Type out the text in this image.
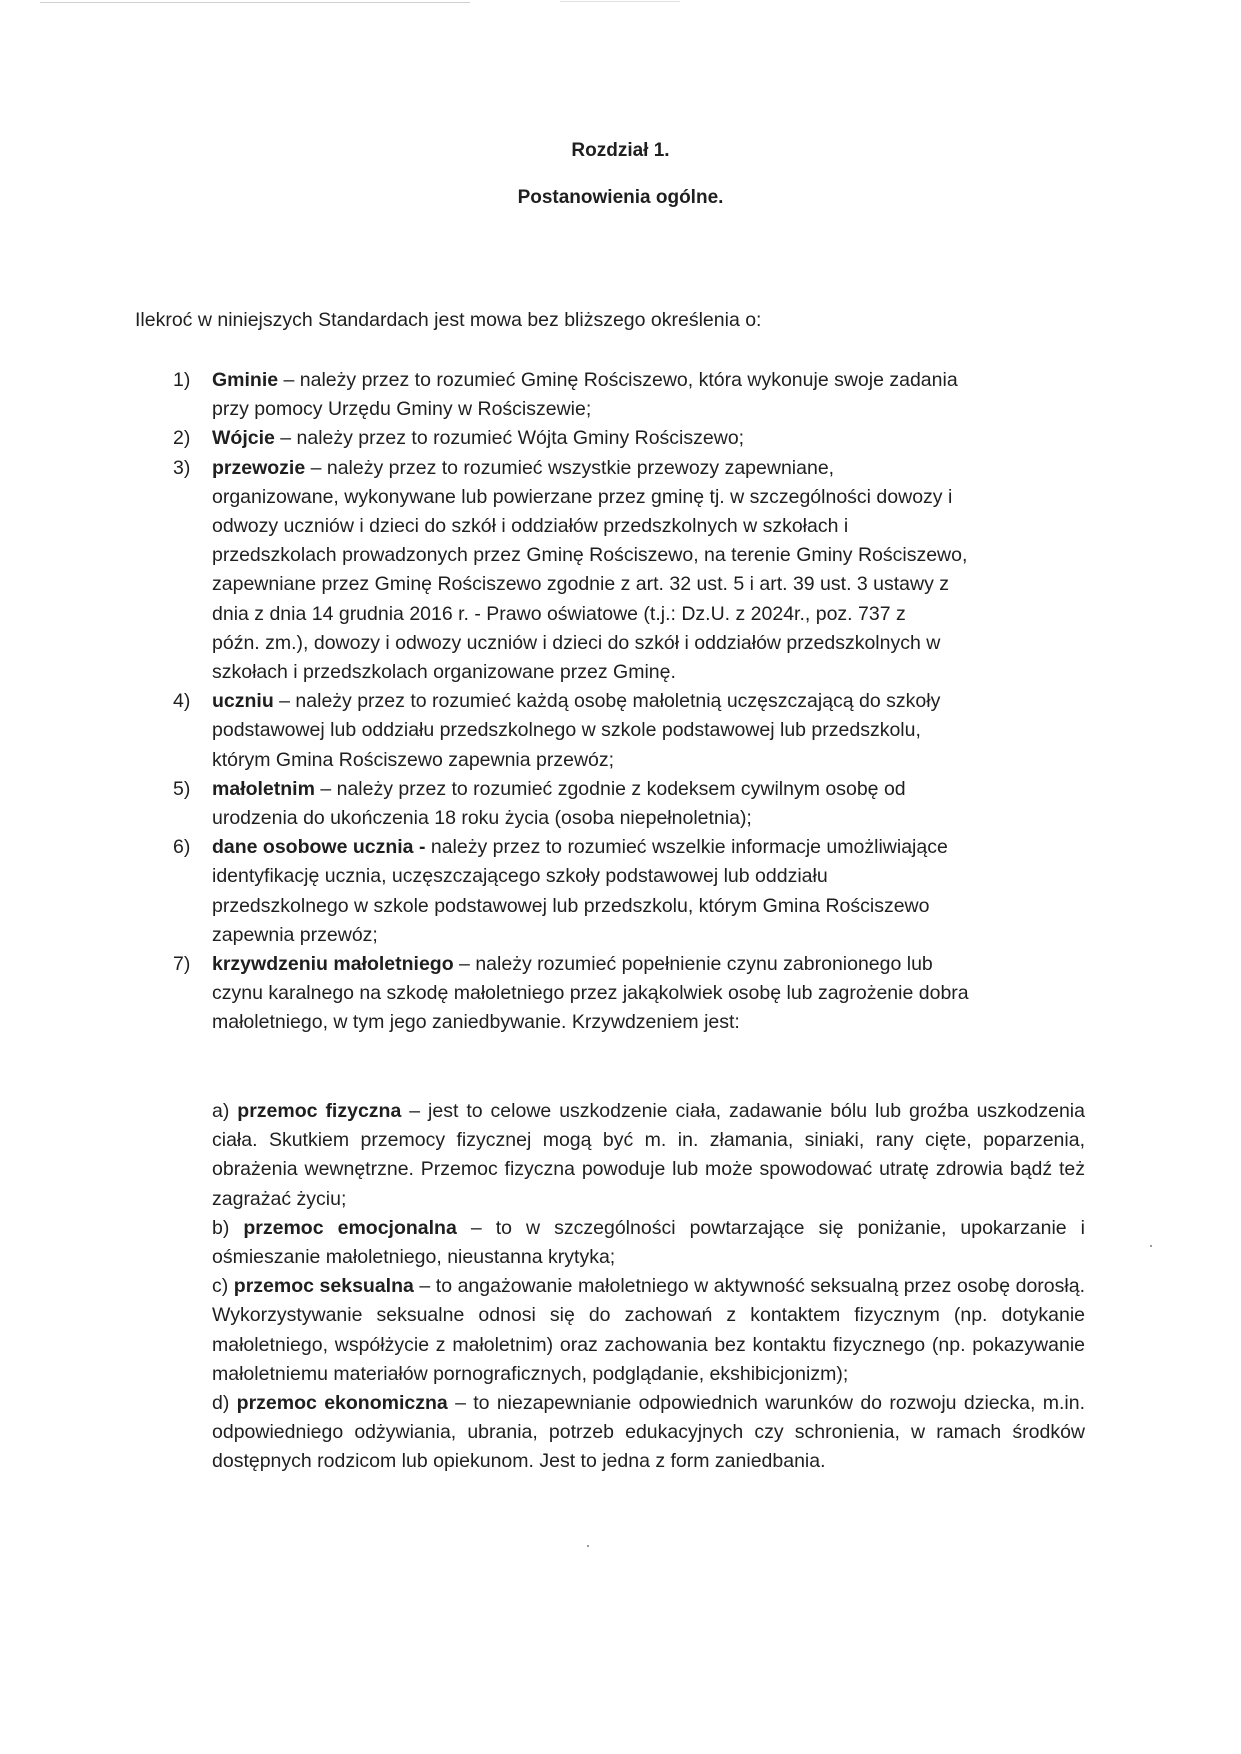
Rozdział 1.
Postanowienia ogólne.
Ilekroć w niniejszych Standardach jest mowa bez bliższego określenia o:
1) Gminie – należy przez to rozumieć Gminę Rościszewo, która wykonuje swoje zadania
przy pomocy Urzędu Gminy w Rościszewie;
2) Wójcie – należy przez to rozumieć Wójta Gminy Rościszewo;
3) przewozie – należy przez to rozumieć wszystkie przewozy zapewniane,
organizowane, wykonywane lub powierzane przez gminę tj. w szczególności dowozy i
odwozy uczniów i dzieci do szkół i oddziałów przedszkolnych w szkołach i
przedszkolach prowadzonych przez Gminę Rościszewo, na terenie Gminy Rościszewo,
zapewniane przez Gminę Rościszewo zgodnie z art. 32 ust. 5 i art. 39 ust. 3 ustawy z
dnia z dnia 14 grudnia 2016 r. - Prawo oświatowe (t.j.: Dz.U. z 2024r., poz. 737 z
późn. zm.), dowozy i odwozy uczniów i dzieci do szkół i oddziałów przedszkolnych w
szkołach i przedszkolach organizowane przez Gminę.
4) uczniu – należy przez to rozumieć każdą osobę małoletnią uczęszczającą do szkoły
podstawowej lub oddziału przedszkolnego w szkole podstawowej lub przedszkolu,
którym Gmina Rościszewo zapewnia przewóz;
5) małoletnim – należy przez to rozumieć zgodnie z kodeksem cywilnym osobę od
urodzenia do ukończenia 18 roku życia (osoba niepełnoletnia);
6) dane osobowe ucznia - należy przez to rozumieć wszelkie informacje umożliwiające
identyfikację ucznia, uczęszczającego szkoły podstawowej lub oddziału
przedszkolnego w szkole podstawowej lub przedszkolu, którym Gmina Rościszewo
zapewnia przewóz;
7) krzywdzeniu małoletniego – należy rozumieć popełnienie czynu zabronionego lub
czynu karalnego na szkodę małoletniego przez jakąkolwiek osobę lub zagrożenie dobra
małoletniego, w tym jego zaniedbywanie. Krzywdzeniem jest:
a) przemoc fizyczna – jest to celowe uszkodzenie ciała, zadawanie bólu lub groźba uszkodzenia ciała. Skutkiem przemocy fizycznej mogą być m. in. złamania, siniaki, rany cięte, poparzenia, obrażenia wewnętrzne. Przemoc fizyczna powoduje lub może spowodować utratę zdrowia bądź też zagrażać życiu;
b) przemoc emocjonalna – to w szczególności powtarzające się poniżanie, upokarzanie i ośmieszanie małoletniego, nieustanna krytyka;
c) przemoc seksualna – to angażowanie małoletniego w aktywność seksualną przez osobę dorosłą. Wykorzystywanie seksualne odnosi się do zachowań z kontaktem fizycznym (np. dotykanie małoletniego, współżycie z małoletnim) oraz zachowania bez kontaktu fizycznego (np. pokazywanie małoletniemu materiałów pornograficznych, podglądanie, ekshibicjonizm);
d) przemoc ekonomiczna – to niezapewnianie odpowiednich warunków do rozwoju dziecka, m.in. odpowiedniego odżywiania, ubrania, potrzeb edukacyjnych czy schronienia, w ramach środków dostępnych rodzicom lub opiekunom. Jest to jedna z form zaniedbania.
